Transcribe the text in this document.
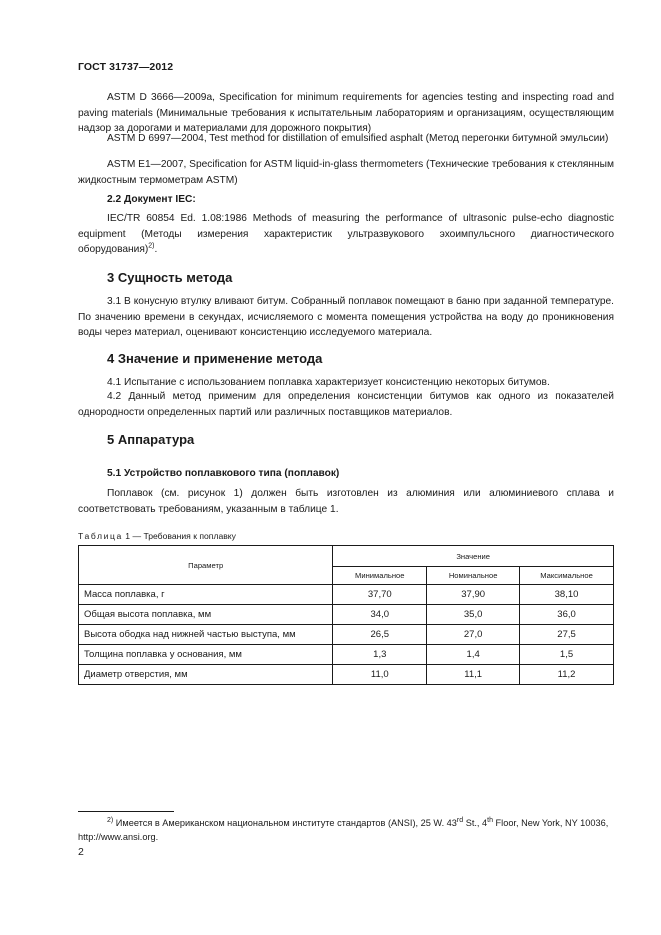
ГОСТ 31737—2012

ASTM D 3666—2009a, Specification for minimum requirements for agencies testing and inspecting road and paving materials (Минимальные требования к испытательным лабораториям и организациям, осуществляющим надзор за дорогами и материалами для дорожного покрытия)

ASTM D 6997—2004, Test method for distillation of emulsified asphalt (Метод перегонки битумной эмульсии)

ASTM E1—2007, Specification for ASTM liquid-in-glass thermometers (Технические требования к стеклянным жидкостным термометрам ASTM)

2.2 Документ IEC:

IEC/TR 60854 Ed. 1.08:1986 Methods of measuring the performance of ultrasonic pulse-echo diagnostic equipment (Методы измерения характеристик ультразвукового эхоимпульсного диагностического оборудования)$^{2)}$.

3 Сущность метода

3.1 В конусную втулку вливают битум. Собранный поплавок помещают в баню при заданной температуре. По значению времени в секундах, исчисляемого с момента помещения устройства на воду до проникновения воды через материал, оценивают консистенцию исследуемого материала.

4 Значение и применение метода

4.1 Испытание с использованием поплавка характеризует консистенцию некоторых битумов.

4.2 Данный метод применим для определения консистенции битумов как одного из показателей однородности определенных партий или различных поставщиков материалов.

5 Аппаратура
5.1 Устройство поплавкового типа (поплавок)

Поплавок (см. рисунок 1) должен быть изготовлен из алюминия или алюминиевого сплава и соответствовать требованиям, указанным в таблице 1.

Таблица 1 — Требования к поплавку
Параметр	Значение		
	Минимальное	Номинальное	Максимальное
Масса поплавка, г	37,70	37,90	38,10
Общая высота поплавка, мм	34,0	35,0	36,0
Высота ободка над нижней частью выступа, мм	26,5	27,0	27,5
Толщина поплавка у основания, мм	1,3	1,4	1,5
Диаметр отверстия, мм	11,0	11,1	11,2

$^{2)}$ Имеется в Американском национальном институте стандартов (ANSI), 25 W. 43rd St., 4th Floor, New York, NY 10036, http://www.ansi.org.

2
